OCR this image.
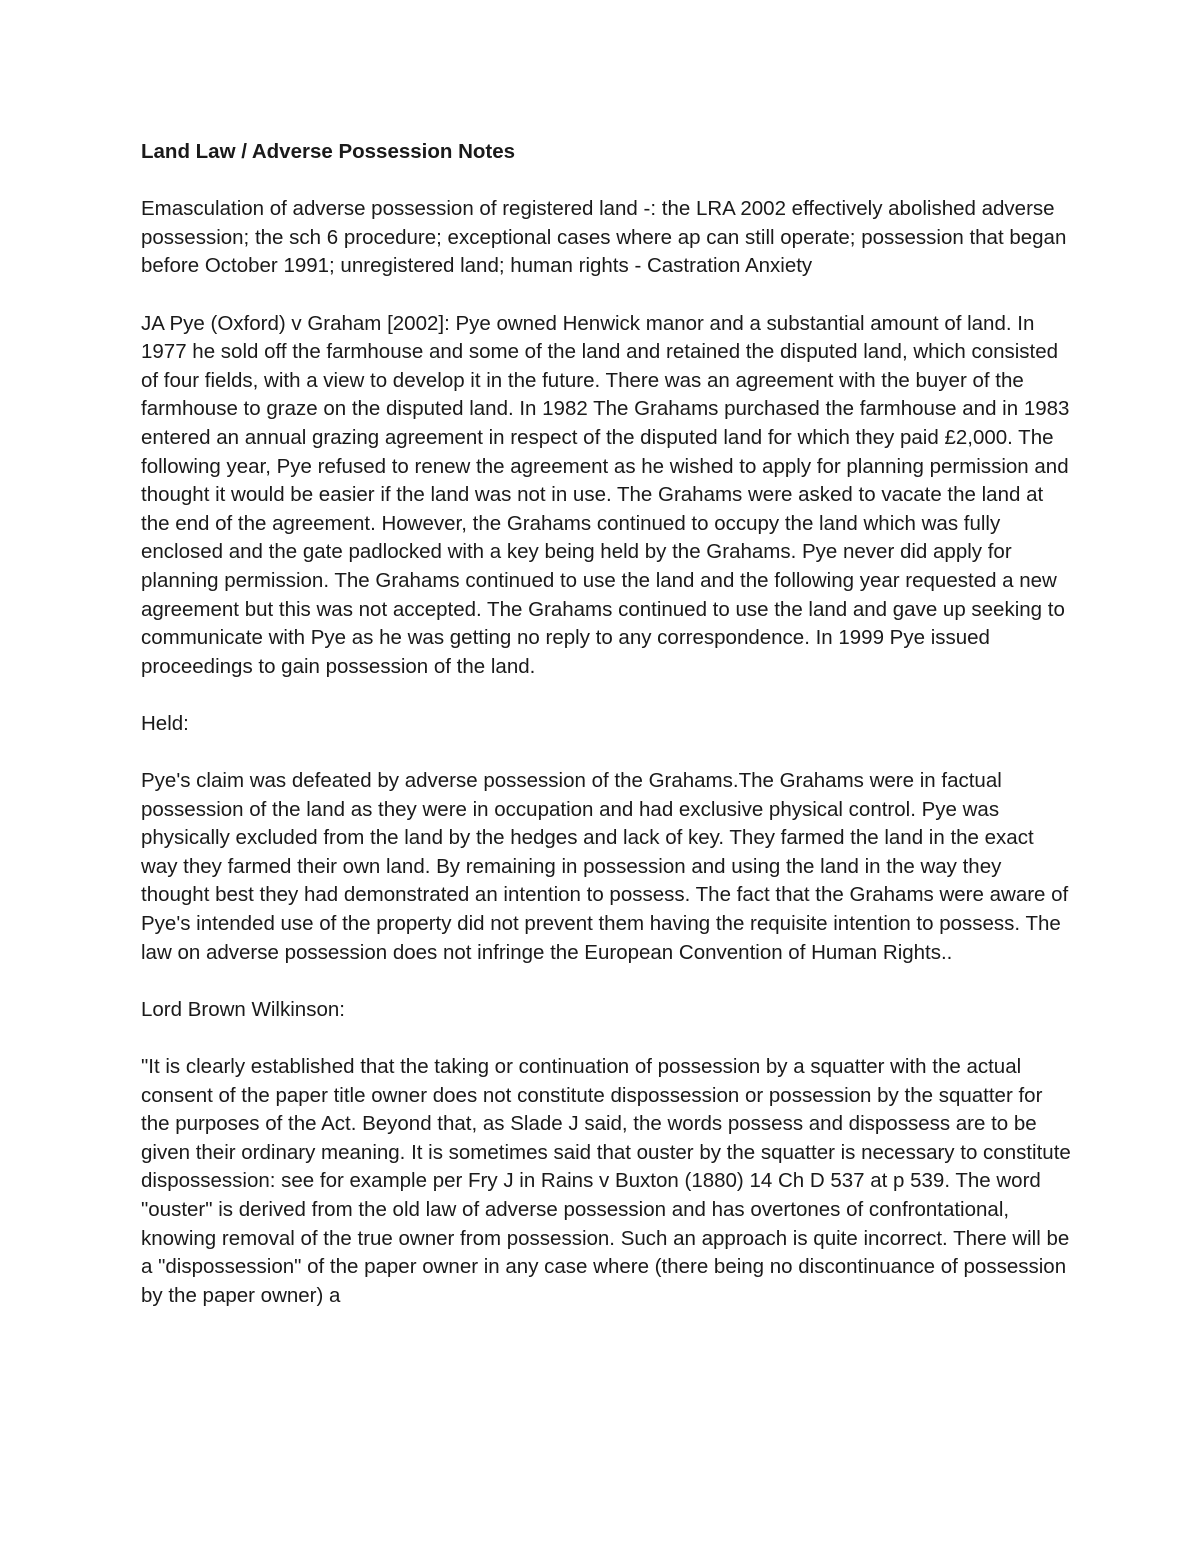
Land Law / Adverse Possession Notes
Emasculation of adverse possession of registered land -: the LRA 2002 effectively abolished adverse possession; the sch 6 procedure; exceptional cases where ap can still operate; possession that began before October 1991; unregistered land; human rights - Castration Anxiety
JA Pye (Oxford) v Graham [2002]: Pye owned Henwick manor and a substantial amount of land. In 1977 he sold off the farmhouse and some of the land and retained the disputed land, which consisted of four fields, with a view to develop it in the future. There was an agreement with the buyer of the farmhouse to graze on the disputed land. In 1982 The Grahams purchased the farmhouse and in 1983 entered an annual grazing agreement in respect of the disputed land for which they paid £2,000. The following year, Pye refused to renew the agreement as he wished to apply for planning permission and thought it would be easier if the land was not in use. The Grahams were asked to vacate the land at the end of the agreement. However, the Grahams continued to occupy the land which was fully enclosed and the gate padlocked with a key being held by the Grahams. Pye never did apply for planning permission. The Grahams continued to use the land and the following year requested a new agreement but this was not accepted. The Grahams continued to use the land and gave up seeking to communicate with Pye as he was getting no reply to any correspondence. In 1999 Pye issued proceedings to gain possession of the land.
Held:
Pye's claim was defeated by adverse possession of the Grahams.The Grahams were in factual possession of the land as they were in occupation and had exclusive physical control. Pye was physically excluded from the land by the hedges and lack of key. They farmed the land in the exact way they farmed their own land. By remaining in possession and using the land in the way they thought best they had demonstrated an intention to possess. The fact that the Grahams were aware of Pye's intended use of the property did not prevent them having the requisite intention to possess. The law on adverse possession does not infringe the European Convention of Human Rights..
Lord Brown Wilkinson:
"It is clearly established that the taking or continuation of possession by a squatter with the actual consent of the paper title owner does not constitute dispossession or possession by the squatter for the purposes of the Act. Beyond that, as Slade J said, the words possess and dispossess are to be given their ordinary meaning. It is sometimes said that ouster by the squatter is necessary to constitute dispossession: see for example per Fry J in Rains v Buxton (1880) 14 Ch D 537 at p 539. The word "ouster" is derived from the old law of adverse possession and has overtones of confrontational, knowing removal of the true owner from possession. Such an approach is quite incorrect. There will be a "dispossession" of the paper owner in any case where (there being no discontinuance of possession by the paper owner) a
